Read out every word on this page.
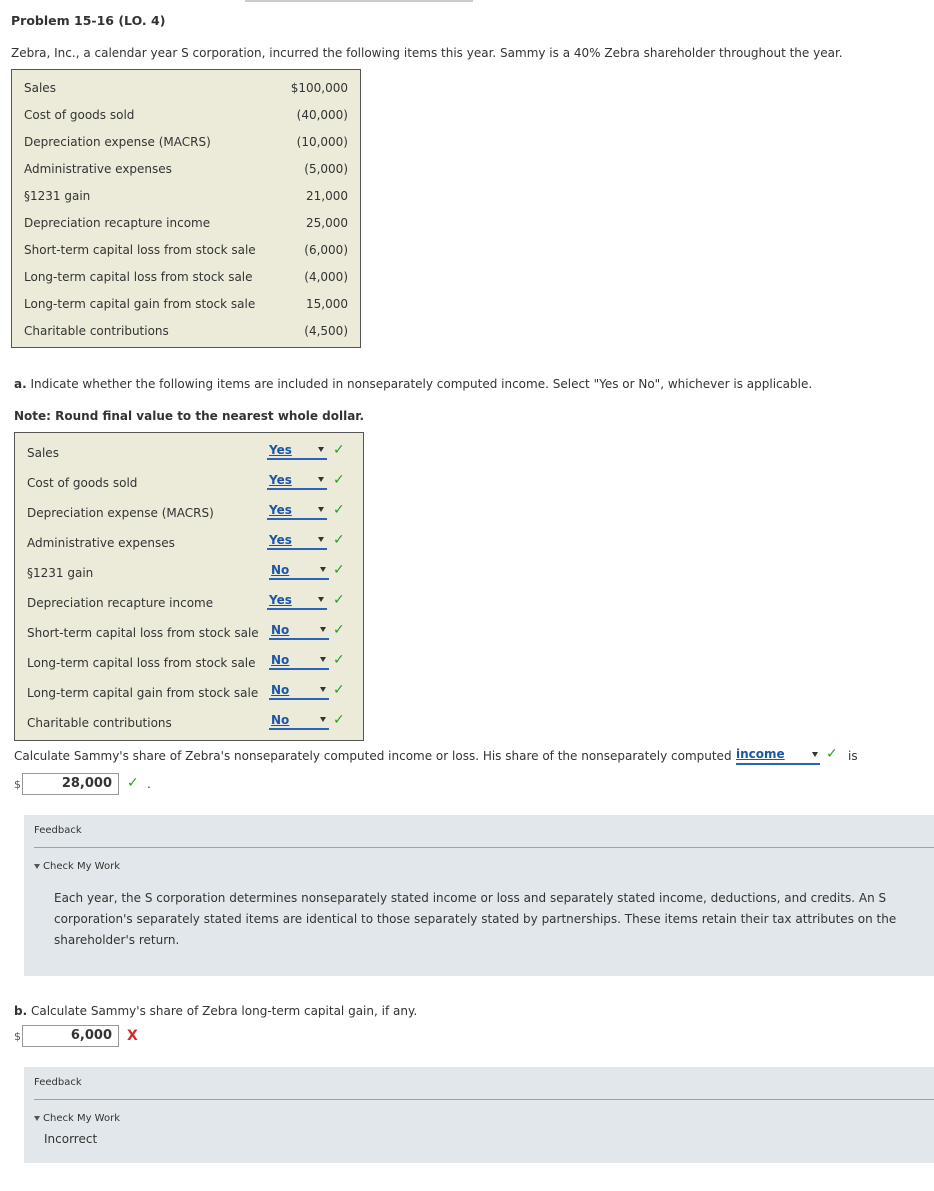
Problem 15-16 (LO. 4)
Zebra, Inc., a calendar year S corporation, incurred the following items this year. Sammy is a 40% Zebra shareholder throughout the year.
Sales	$100,000
Cost of goods sold	(40,000)
Depreciation expense (MACRS)	(10,000)
Administrative expenses	(5,000)
§1231 gain	21,000
Depreciation recapture income	25,000
Short-term capital loss from stock sale	(6,000)
Long-term capital loss from stock sale	(4,000)
Long-term capital gain from stock sale	15,000
Charitable contributions	(4,500)
a. Indicate whether the following items are included in nonseparately computed income. Select "Yes or No", whichever is applicable.
Note: Round final value to the nearest whole dollar.
Sales	Yes	✓
Cost of goods sold	Yes	✓
Depreciation expense (MACRS)	Yes	✓
Administrative expenses	Yes	✓
§1231 gain	No	✓
Depreciation recapture income	Yes	✓
Short-term capital loss from stock sale No	✓
Long-term capital loss from stock sale No	✓
Long-term capital gain from stock sale No	✓
Charitable contributions	No	✓
Calculate Sammy's share of Zebra's nonseparately computed income or loss. His share of the nonseparately computed income	✓ is
$	28,000	✓ .
Feedback
Check My Work
Each year, the S corporation determines nonseparately stated income or loss and separately stated income, deductions, and credits. An S corporation's separately stated items are identical to those separately stated by partnerships. These items retain their tax attributes on the shareholder's return.
b. Calculate Sammy's share of Zebra long-term capital gain, if any.
$	6,000	X
Feedback
Check My Work
Incorrect
